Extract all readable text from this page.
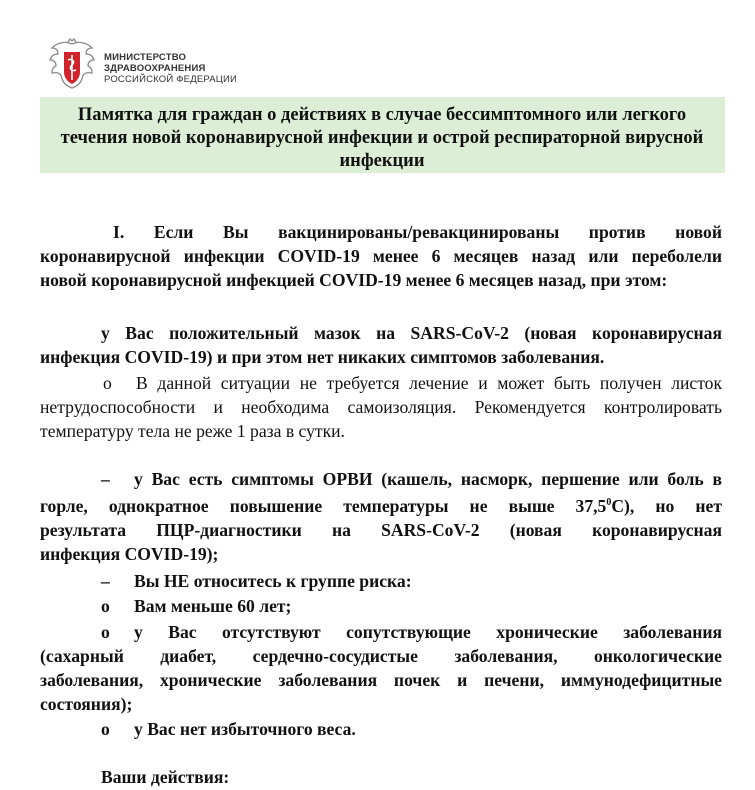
МИНИСТЕРСТВО
ЗДРАВООХРАНЕНИЯ
РОССИЙСКОЙ ФЕДЕРАЦИИ
Памятка для граждан о действиях в случае бессимптомного или легкого течения новой коронавирусной инфекции и острой респираторной вирусной инфекции
I. Если Вы вакцинированы/ревакцинированы против новой
коронавирусной инфекции COVID-19 менее 6 месяцев назад или переболели
новой коронавирусной инфекцией COVID-19 менее 6 месяцев назад, при этом:
у Вас положительный мазок на SARS-CoV-2 (новая коронавирусная
инфекция COVID-19) и при этом нет никаких симптомов заболевания.
o В данной ситуации не требуется лечение и может быть получен листок
нетрудоспособности и необходима самоизоляция. Рекомендуется контролировать
температуру тела не реже 1 раза в сутки.
– у Вас есть симптомы ОРВИ (кашель, насморк, першение или боль в
горле, однократное повышение температуры не выше 37,5$^0$С), но нет
результата ПЦР-диагностики на SARS-CoV-2 (новая коронавирусная
инфекция COVID-19);
– Вы НЕ относитесь к группе риска:
o Вам меньше 60 лет;
o у Вас отсутствуют сопутствующие хронические заболевания
(сахарный диабет, сердечно-сосудистые заболевания, онкологические
заболевания, хронические заболевания почек и печени, иммунодефицитные
состояния);
o у Вас нет избыточного веса.
Ваши действия:
